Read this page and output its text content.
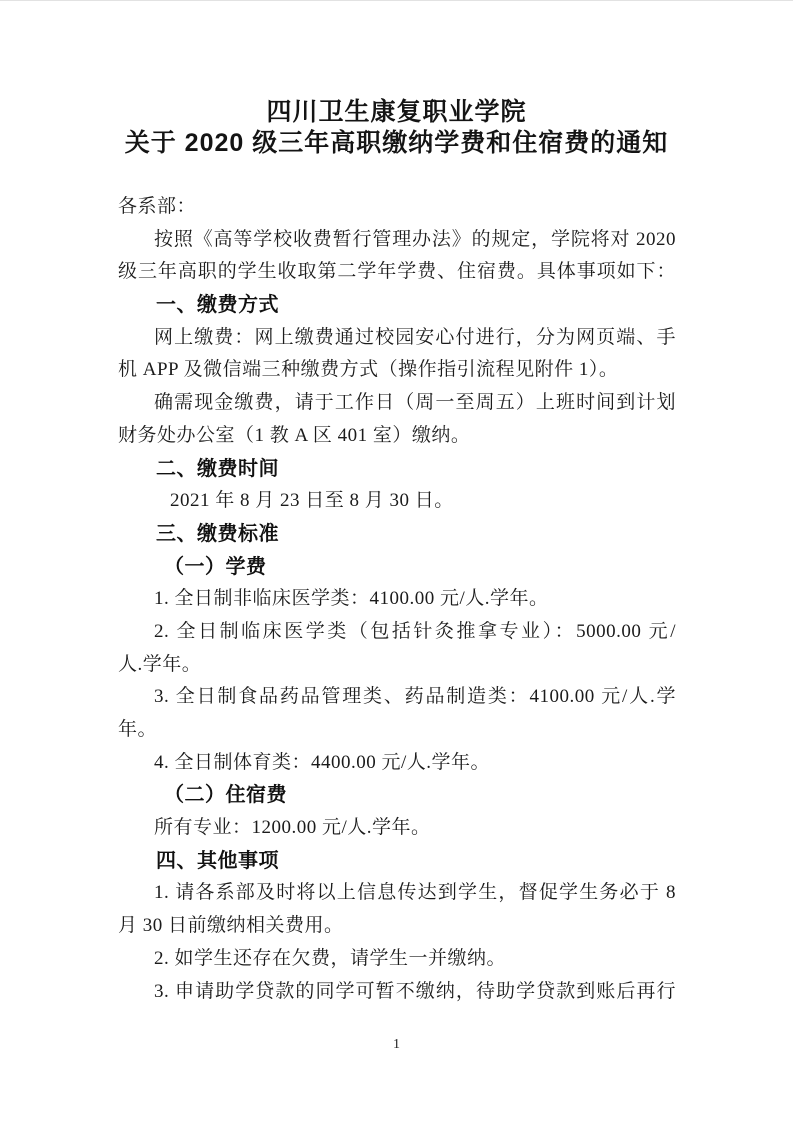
四川卫生康复职业学院
关于 2020 级三年高职缴纳学费和住宿费的通知
各系部：
按照《高等学校收费暂行管理办法》的规定，学院将对 2020
级三年高职的学生收取第二学年学费、住宿费。具体事项如下：
一、缴费方式
网上缴费：网上缴费通过校园安心付进行，分为网页端、手
机 APP 及微信端三种缴费方式（操作指引流程见附件 1）。
确需现金缴费，请于工作日（周一至周五）上班时间到计划
财务处办公室（1 教 A 区 401 室）缴纳。
二、缴费时间
2021 年 8 月 23 日至 8 月 30 日。
三、缴费标准
（一）学费
1. 全日制非临床医学类：4100.00 元/人.学年。
2. 全日制临床医学类（包括针灸推拿专业）：5000.00 元/
人.学年。
3. 全日制食品药品管理类、药品制造类：4100.00 元/人.学
年。
4. 全日制体育类：4400.00 元/人.学年。
（二）住宿费
所有专业：1200.00 元/人.学年。
四、其他事项
1. 请各系部及时将以上信息传达到学生，督促学生务必于 8
月 30 日前缴纳相关费用。
2. 如学生还存在欠费，请学生一并缴纳。
3. 申请助学贷款的同学可暂不缴纳，待助学贷款到账后再行
1
